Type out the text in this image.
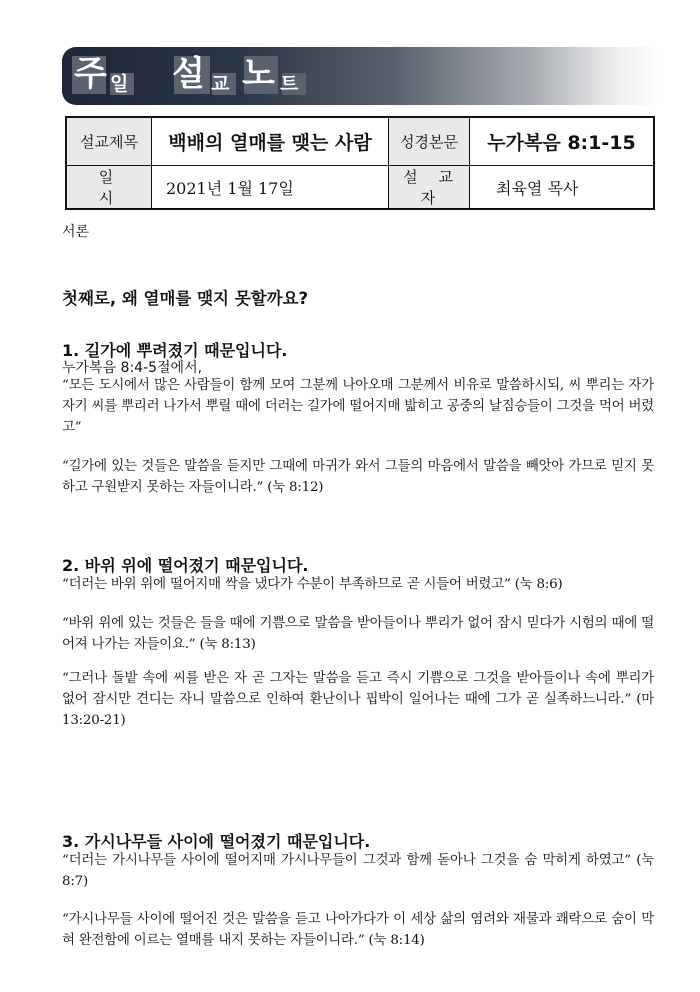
주 일 설 교 노 트
설교제목	백배의 열매를 맺는 사람	성경본문	누가복음 8:1-15
일 시	2021년 1월 17일	설 교 자	최육열 목사
서론
첫째로, 왜 열매를 맺지 못할까요?
1. 길가에 뿌려졌기 때문입니다.
누가복음 8:4-5절에서,
“모든 도시에서 많은 사람들이 함께 모여 그분께 나아오매 그분께서 비유로 말씀하시되, 씨 뿌리는 자가 자기 씨를 뿌리러 나가서 뿌릴 때에 더러는 길가에 떨어지매 밟히고 공중의 날짐승들이 그것을 먹어 버렸고”
“길가에 있는 것들은 말씀을 듣지만 그때에 마귀가 와서 그들의 마음에서 말씀을 빼앗아 가므로 믿지 못하고 구원받지 못하는 자들이니라.” (눅 8:12)
2. 바위 위에 떨어졌기 때문입니다.
“더러는 바위 위에 떨어지매 싹을 냈다가 수분이 부족하므로 곧 시들어 버렸고” (눅 8:6)
“바위 위에 있는 것들은 들을 때에 기쁨으로 말씀을 받아들이나 뿌리가 없어 잠시 믿다가 시험의 때에 떨어져 나가는 자들이요.” (눅 8:13)
“그러나 돌밭 속에 씨를 받은 자 곧 그자는 말씀을 듣고 즉시 기쁨으로 그것을 받아들이나 속에 뿌리가 없어 잠시만 견디는 자니 말씀으로 인하여 환난이나 핍박이 일어나는 때에 그가 곧 실족하느니라.” (마 13:20-21)
3. 가시나무들 사이에 떨어졌기 때문입니다.
“더러는 가시나무들 사이에 떨어지매 가시나무들이 그것과 함께 돋아나 그것을 숨 막히게 하였고” (눅 8:7)
“가시나무들 사이에 떨어진 것은 말씀을 듣고 나아가다가 이 세상 삶의 염려와 재물과 쾌락으로 숨이 막혀 완전함에 이르는 열매를 내지 못하는 자들이니라.” (눅 8:14)
